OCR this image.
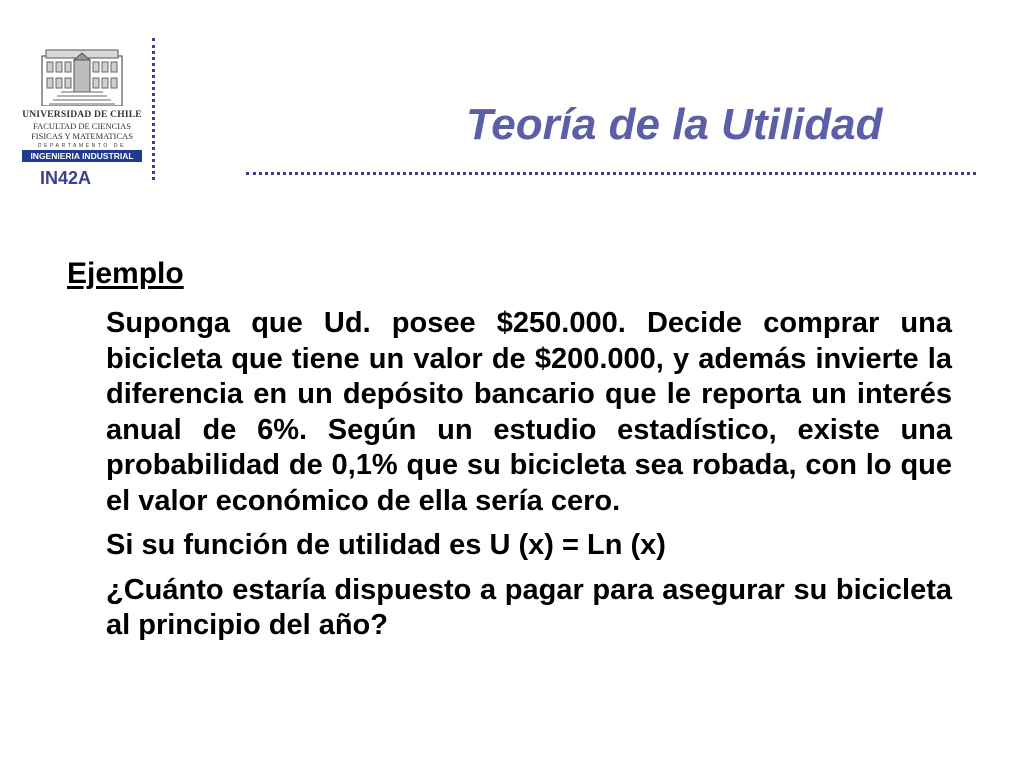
UNIVERSIDAD DE CHILE
FACULTAD DE CIENCIAS
FISICAS Y MATEMATICAS
DEPARTAMENTO DE
INGENIERIA INDUSTRIAL
IN42A
Teoría de la Utilidad
Ejemplo

Suponga que Ud. posee $250.000. Decide comprar una bicicleta que tiene un valor de $200.000, y además invierte la diferencia en un depósito bancario que le reporta un interés anual de 6%. Según un estudio estadístico, existe una probabilidad de 0,1% que su bicicleta sea robada, con lo que el valor económico de ella sería cero.

Si su función de utilidad es U (x) = Ln (x)

¿Cuánto estaría dispuesto a pagar para asegurar su bicicleta al principio del año?
